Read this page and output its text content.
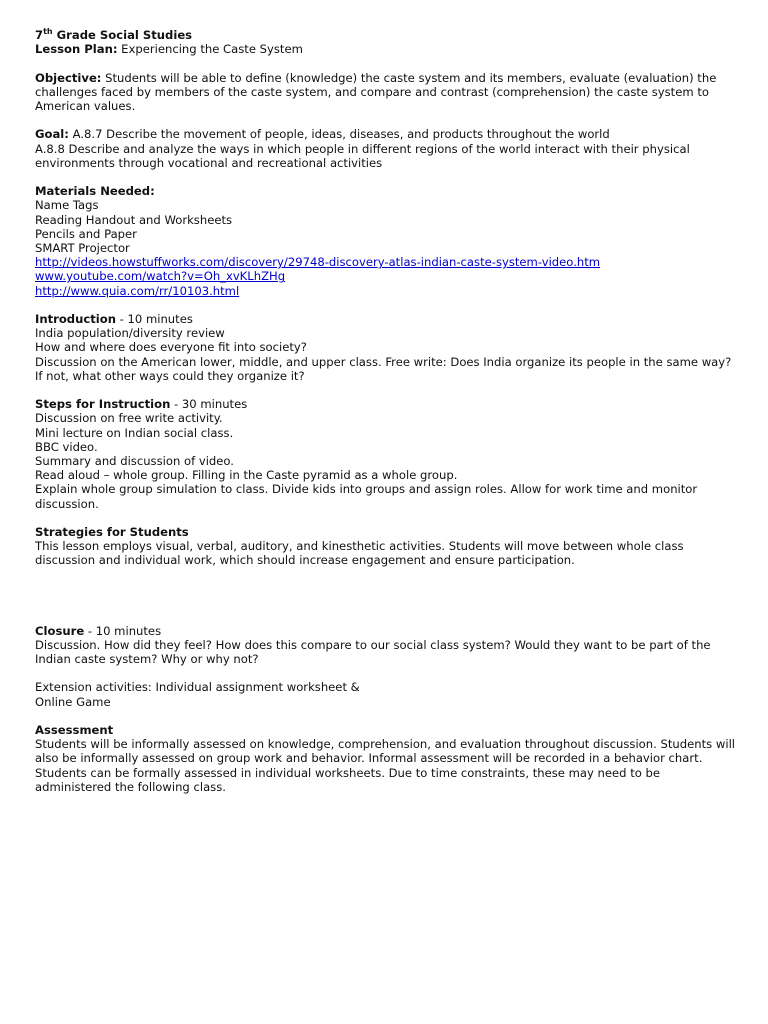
7th Grade Social Studies
Lesson Plan: Experiencing the Caste System
Objective: Students will be able to define (knowledge) the caste system and its members, evaluate (evaluation) the challenges faced by members of the caste system, and compare and contrast (comprehension) the caste system to American values.
Goal: A.8.7 Describe the movement of people, ideas, diseases, and products throughout the world
A.8.8 Describe and analyze the ways in which people in different regions of the world interact with their physical environments through vocational and recreational activities
Materials Needed:
Name Tags
Reading Handout and Worksheets
Pencils and Paper
SMART Projector
http://videos.howstuffworks.com/discovery/29748-discovery-atlas-indian-caste-system-video.htm
www.youtube.com/watch?v=Oh_xvKLhZHg
http://www.quia.com/rr/10103.html
Introduction - 10 minutes
India population/diversity review
How and where does everyone fit into society?
Discussion on the American lower, middle, and upper class. Free write: Does India organize its people in the same way? If not, what other ways could they organize it?
Steps for Instruction - 30 minutes
Discussion on free write activity.
Mini lecture on Indian social class.
BBC video.
Summary and discussion of video.
Read aloud – whole group. Filling in the Caste pyramid as a whole group.
Explain whole group simulation to class. Divide kids into groups and assign roles. Allow for work time and monitor discussion.
Strategies for Students
This lesson employs visual, verbal, auditory, and kinesthetic activities. Students will move between whole class discussion and individual work, which should increase engagement and ensure participation.
Closure - 10 minutes
Discussion. How did they feel? How does this compare to our social class system? Would they want to be part of the Indian caste system? Why or why not?
Extension activities: Individual assignment worksheet &
Online Game
Assessment
Students will be informally assessed on knowledge, comprehension, and evaluation throughout discussion. Students will also be informally assessed on group work and behavior. Informal assessment will be recorded in a behavior chart. Students can be formally assessed in individual worksheets. Due to time constraints, these may need to be administered the following class.
